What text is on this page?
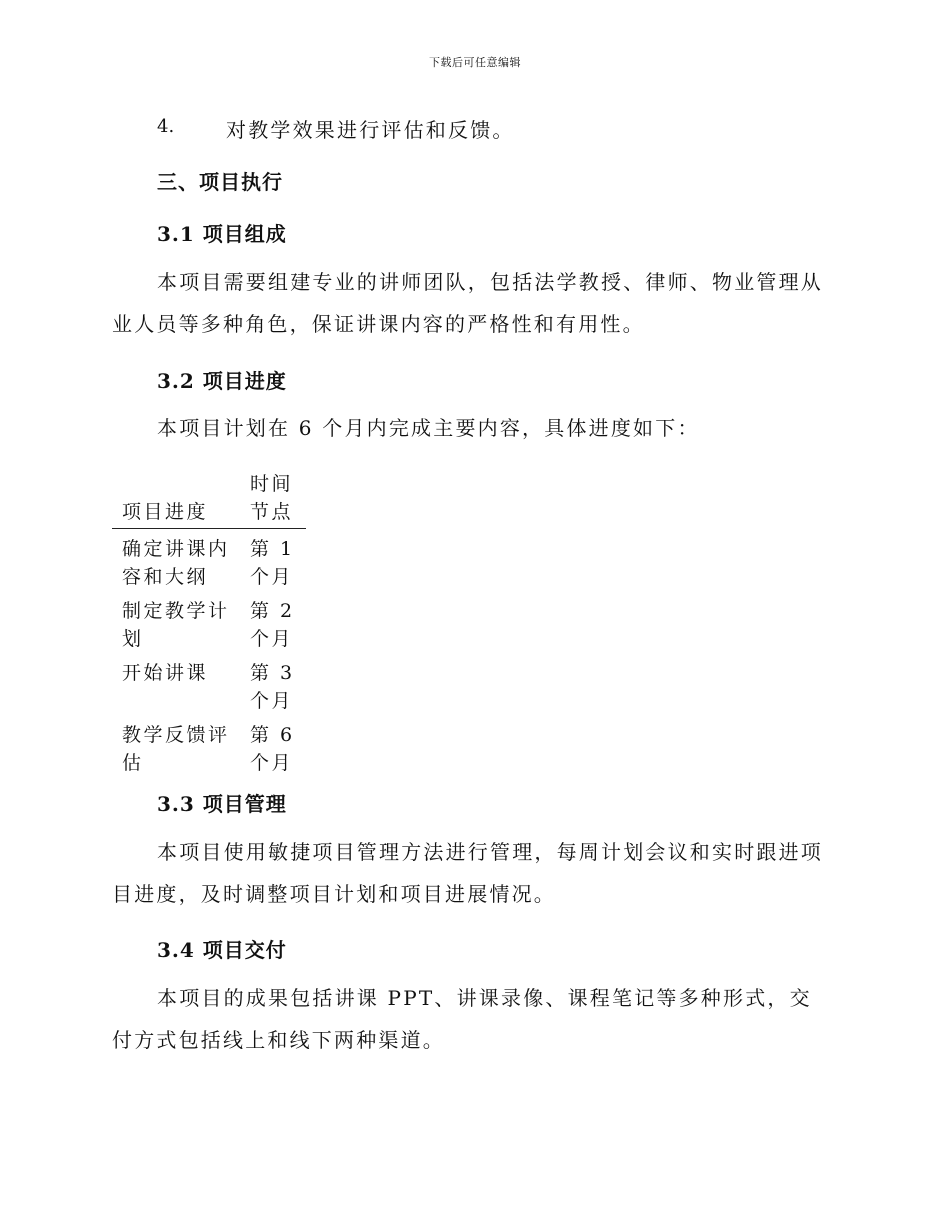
下载后可任意编辑
4.	对教学效果进行评估和反馈。
三、项目执行
3.1 项目组成
本项目需要组建专业的讲师团队，包括法学教授、律师、物业管理从业人员等多种角色，保证讲课内容的严格性和有用性。
3.2 项目进度
本项目计划在 6 个月内完成主要内容，具体进度如下：
项目进度
时间节点
确定讲课内容和大纲
第 1 个月
制定教学计划
第 2 个月
开始讲课	第 3 个月
教学反馈评估
第 6 个月
3.3 项目管理
本项目使用敏捷项目管理方法进行管理，每周计划会议和实时跟进项目进度，及时调整项目计划和项目进展情况。
3.4 项目交付
本项目的成果包括讲课 PPT、讲课录像、课程笔记等多种形式，交付方式包括线上和线下两种渠道。
